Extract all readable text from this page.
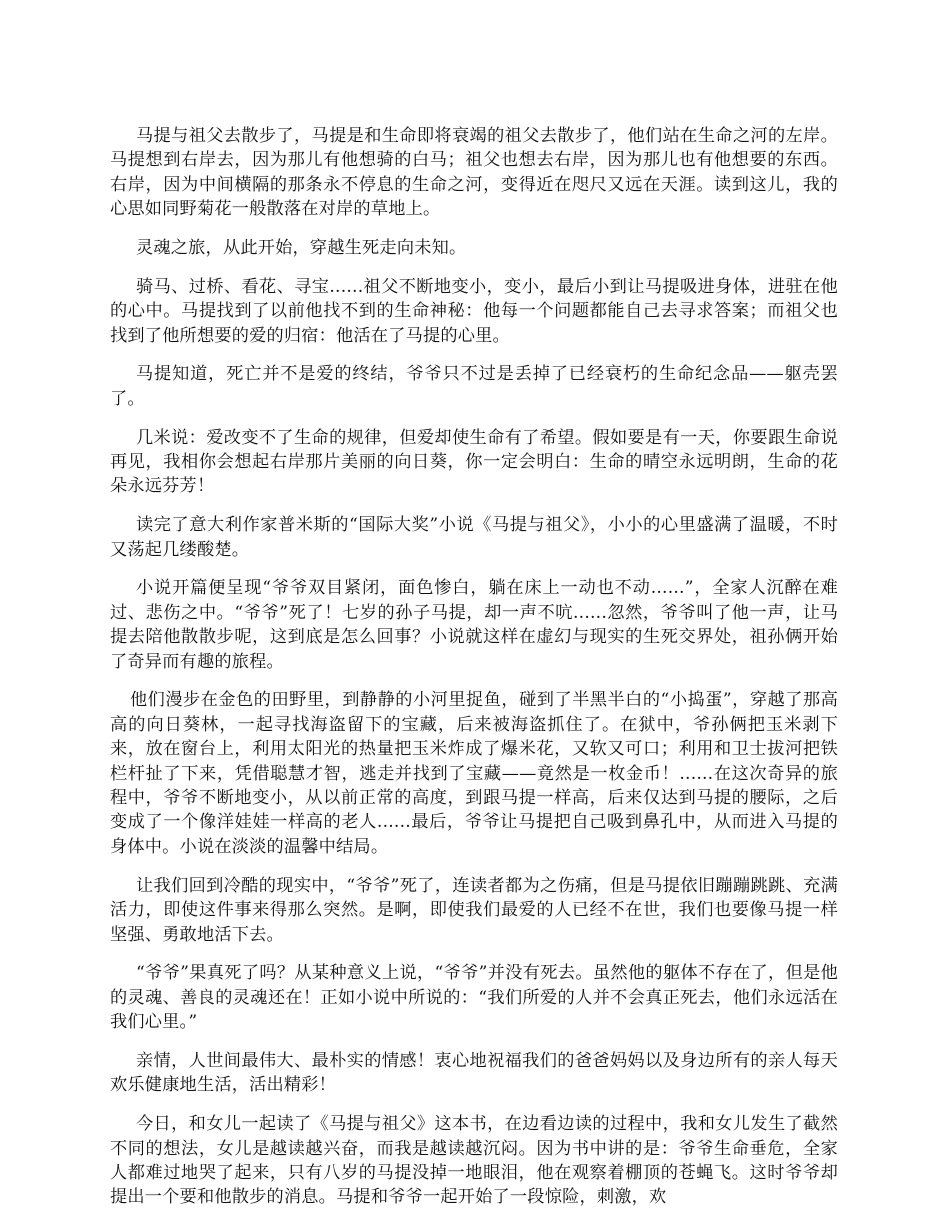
马提与祖父去散步了，马提是和生命即将衰竭的祖父去散步了，他们站在生命之河的左岸。马提想到右岸去，因为那儿有他想骑的白马；祖父也想去右岸，因为那儿也有他想要的东西。右岸，因为中间横隔的那条永不停息的生命之河，变得近在咫尺又远在天涯。读到这儿，我的心思如同野菊花一般散落在对岸的草地上。

灵魂之旅，从此开始，穿越生死走向未知。

骑马、过桥、看花、寻宝......祖父不断地变小，变小，最后小到让马提吸进身体，进驻在他的心中。马提找到了以前他找不到的生命神秘：他每一个问题都能自己去寻求答案；而祖父也找到了他所想要的爱的归宿：他活在了马提的心里。

马提知道，死亡并不是爱的终结，爷爷只不过是丢掉了已经衰朽的生命纪念品——躯壳罢了。

几米说：爱改变不了生命的规律，但爱却使生命有了希望。假如要是有一天，你要跟生命说再见，我相你会想起右岸那片美丽的向日葵，你一定会明白：生命的晴空永远明朗，生命的花朵永远芬芳！

读完了意大利作家普米斯的“国际大奖”小说《马提与祖父》，小小的心里盛满了温暖，不时又荡起几缕酸楚。

小说开篇便呈现“爷爷双目紧闭，面色惨白，躺在床上一动也不动......”，全家人沉醉在难过、悲伤之中。“爷爷”死了！七岁的孙子马提，却一声不吭......忽然，爷爷叫了他一声，让马提去陪他散散步呢，这到底是怎么回事？小说就这样在虚幻与现实的生死交界处，祖孙俩开始了奇异而有趣的旅程。

他们漫步在金色的田野里，到静静的小河里捉鱼，碰到了半黑半白的“小捣蛋”，穿越了那高高的向日葵林，一起寻找海盗留下的宝藏，后来被海盗抓住了。在狱中，爷孙俩把玉米剥下来，放在窗台上，利用太阳光的热量把玉米炸成了爆米花，又软又可口；利用和卫士拔河把铁栏杆扯了下来，凭借聪慧才智，逃走并找到了宝藏——竟然是一枚金币！......在这次奇异的旅程中，爷爷不断地变小，从以前正常的高度，到跟马提一样高，后来仅达到马提的腰际，之后变成了一个像洋娃娃一样高的老人......最后，爷爷让马提把自己吸到鼻孔中，从而进入马提的身体中。小说在淡淡的温馨中结局。

让我们回到冷酷的现实中，“爷爷”死了，连读者都为之伤痛，但是马提依旧蹦蹦跳跳、充满活力，即使这件事来得那么突然。是啊，即使我们最爱的人已经不在世，我们也要像马提一样坚强、勇敢地活下去。

“爷爷”果真死了吗？从某种意义上说，“爷爷”并没有死去。虽然他的躯体不存在了，但是他的灵魂、善良的灵魂还在！正如小说中所说的：“我们所爱的人并不会真正死去，他们永远活在我们心里。”

亲情，人世间最伟大、最朴实的情感！衷心地祝福我们的爸爸妈妈以及身边所有的亲人每天欢乐健康地生活，活出精彩！

今日，和女儿一起读了《马提与祖父》这本书，在边看边读的过程中，我和女儿发生了截然不同的想法，女儿是越读越兴奋，而我是越读越沉闷。因为书中讲的是：爷爷生命垂危，全家人都难过地哭了起来，只有八岁的马提没掉一地眼泪，他在观察着棚顶的苍蝇飞。这时爷爷却提出一个要和他散步的消息。马提和爷爷一起开始了一段惊险，刺激，欢
